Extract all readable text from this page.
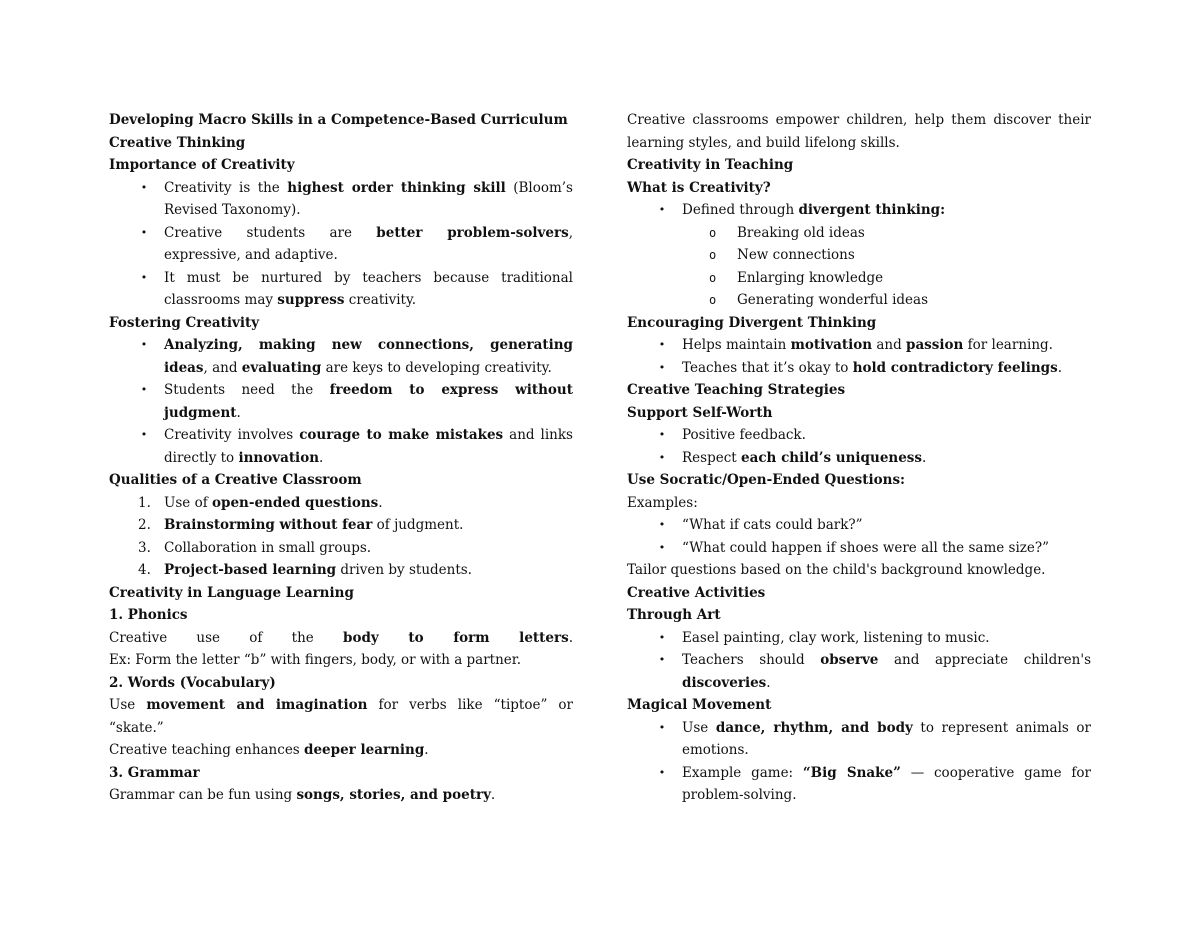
Developing Macro Skills in a Competence-Based Curriculum

Creative Thinking

Importance of Creativity

• Creativity is the highest order thinking skill (Bloom’s Revised Taxonomy).
• Creative students are better problem-solvers, expressive, and adaptive.
• It must be nurtured by teachers because traditional classrooms may suppress creativity.

Fostering Creativity

• Analyzing, making new connections, generating ideas, and evaluating are keys to developing creativity.
• Students need the freedom to express without judgment.
• Creativity involves courage to make mistakes and links directly to innovation.

Qualities of a Creative Classroom

1. Use of open-ended questions.
2. Brainstorming without fear of judgment.
3. Collaboration in small groups.
4. Project-based learning driven by students.

Creativity in Language Learning

1. Phonics

Creative use of the body to form letters.

Ex: Form the letter “b” with fingers, body, or with a partner.

2. Words (Vocabulary)

Use movement and imagination for verbs like “tiptoe” or “skate.”

Creative teaching enhances deeper learning.

3. Grammar

Grammar can be fun using songs, stories, and poetry.

Creative classrooms empower children, help them discover their learning styles, and build lifelong skills.

Creativity in Teaching

What is Creativity?

• Defined through divergent thinking:
o Breaking old ideas
o New connections
o Enlarging knowledge
o Generating wonderful ideas

Encouraging Divergent Thinking

• Helps maintain motivation and passion for learning.
• Teaches that it’s okay to hold contradictory feelings.

Creative Teaching Strategies

Support Self-Worth

• Positive feedback.
• Respect each child’s uniqueness.

Use Socratic/Open-Ended Questions:

Examples:

• “What if cats could bark?”
• “What could happen if shoes were all the same size?”

Tailor questions based on the child's background knowledge.

Creative Activities

Through Art

• Easel painting, clay work, listening to music.
• Teachers should observe and appreciate children's discoveries.

Magical Movement

• Use dance, rhythm, and body to represent animals or emotions.
• Example game: “Big Snake” — cooperative game for problem-solving.
